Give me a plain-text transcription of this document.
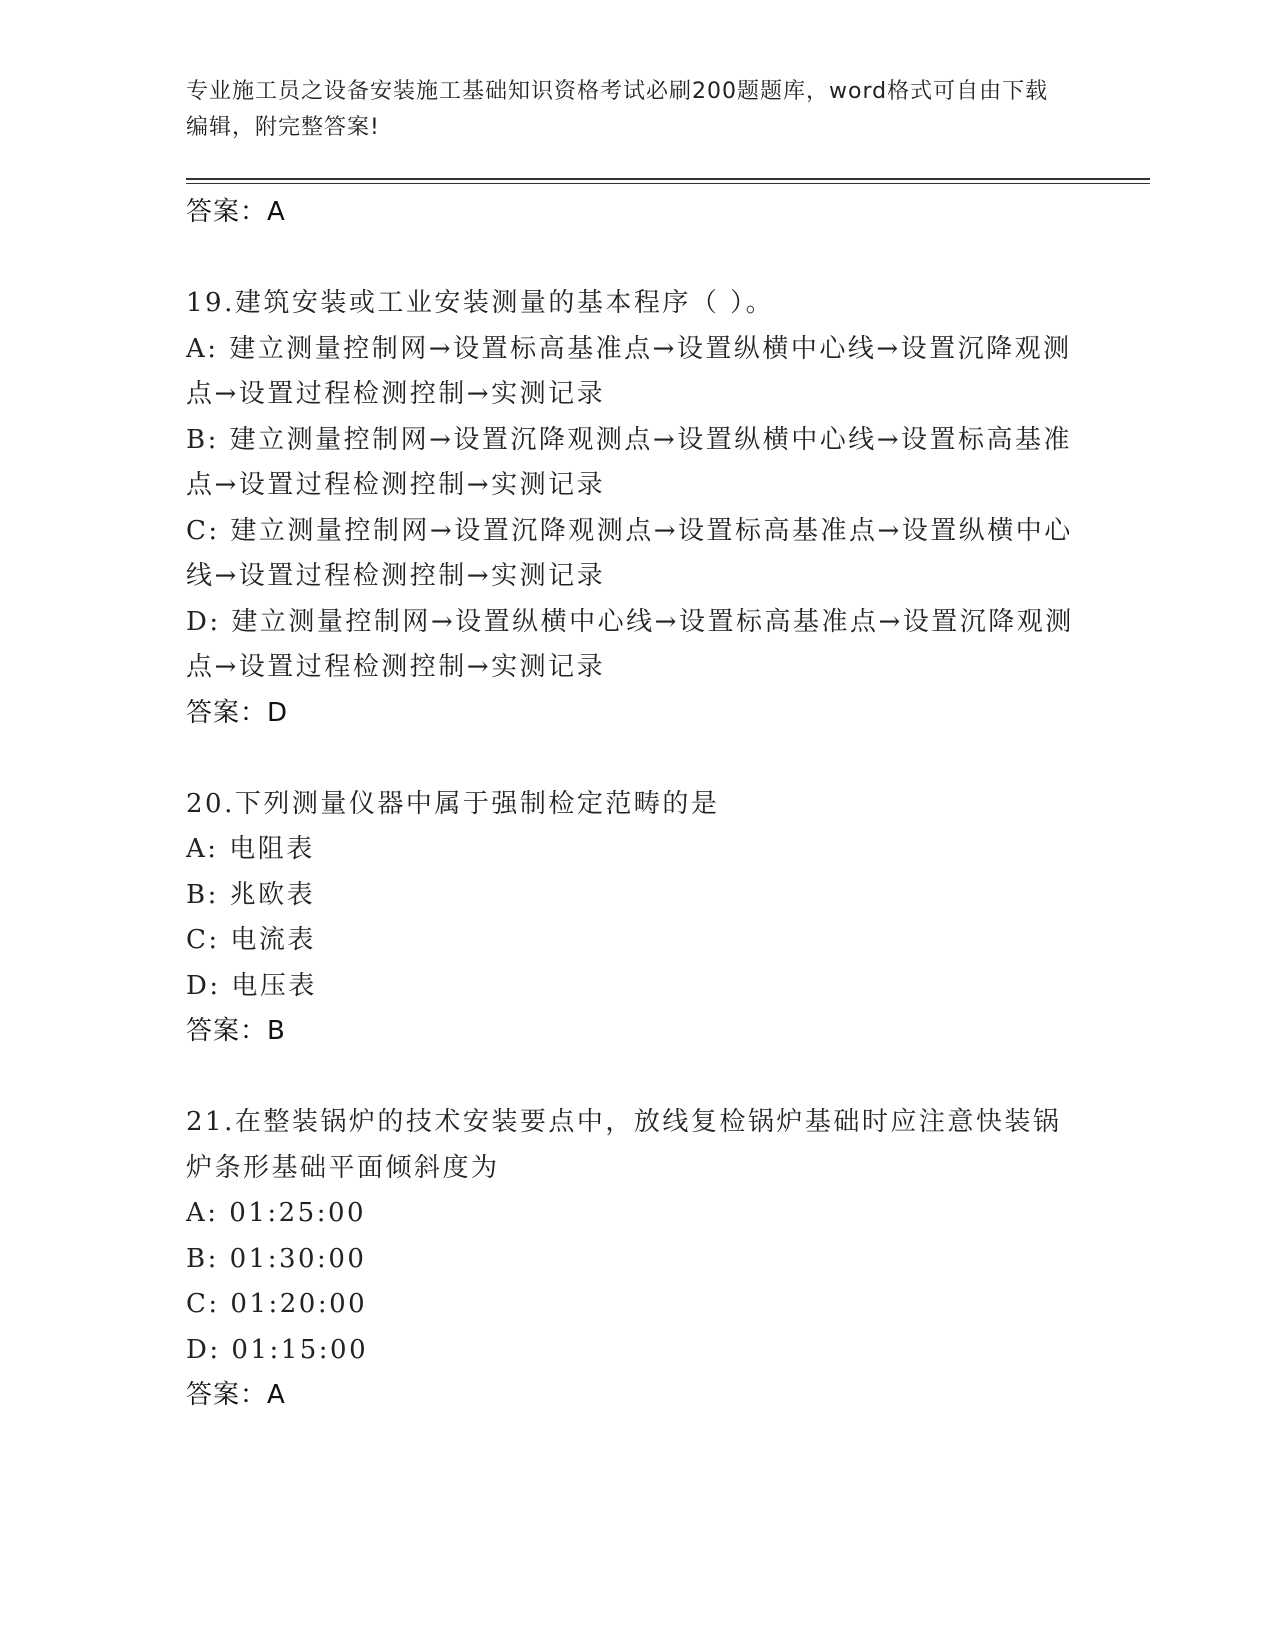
专业施工员之设备安装施工基础知识资格考试必刷200题题库，word格式可自由下载编辑，附完整答案!
答案：A
19.建筑安装或工业安装测量的基本程序（ ）。
A: 建立测量控制网→设置标高基准点→设置纵横中心线→设置沉降观测点→设置过程检测控制→实测记录
B: 建立测量控制网→设置沉降观测点→设置纵横中心线→设置标高基准点→设置过程检测控制→实测记录
C: 建立测量控制网→设置沉降观测点→设置标高基准点→设置纵横中心线→设置过程检测控制→实测记录
D: 建立测量控制网→设置纵横中心线→设置标高基准点→设置沉降观测点→设置过程检测控制→实测记录
答案：D
20.下列测量仪器中属于强制检定范畴的是
A: 电阻表
B: 兆欧表
C: 电流表
D: 电压表
答案：B
21.在整装锅炉的技术安装要点中，放线复检锅炉基础时应注意快装锅炉条形基础平面倾斜度为
A: 01:25:00
B: 01:30:00
C: 01:20:00
D: 01:15:00
答案：A
